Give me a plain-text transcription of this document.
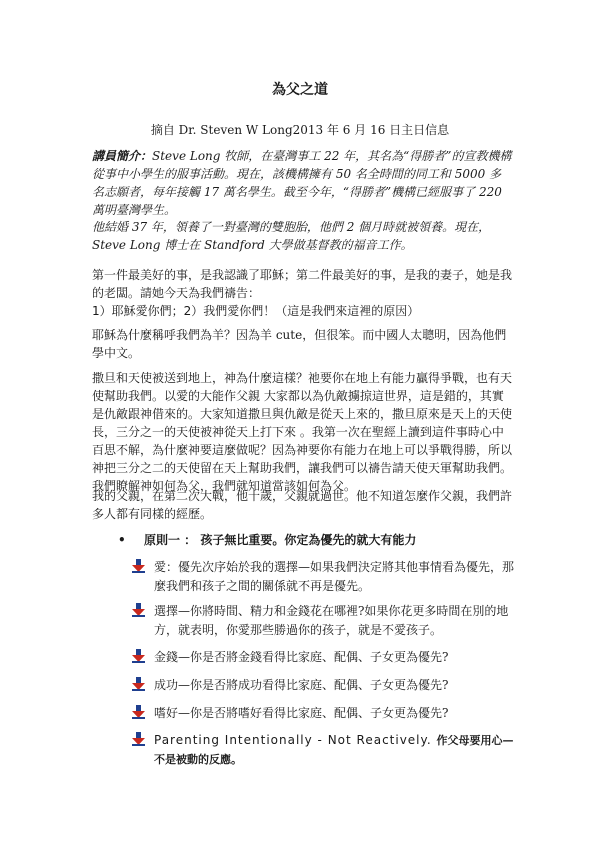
為父之道

摘自 Dr. Steven W Long2013 年 6 月 16 日主日信息

講員簡介：Steve Long 牧師，在臺灣事工 22 年，其名為“得勝者”的宣教機構從事中小學生的服事活動。現在，該機構擁有 50 名全時間的同工和 5000 多名志願者，每年接觸 17 萬名學生。截至今年，“得勝者”機構已經服事了 220 萬明臺灣學生。

他結婚 37 年，領養了一對臺灣的雙胞胎，他們 2 個月時就被領養。現在，Steve Long 博士在 Standford 大學做基督教的福音工作。

第一件最美好的事，是我認識了耶穌；第二件最美好的事，是我的妻子，她是我的老闆。請她今天為我們禱告：
1）耶穌愛你們；2）我們愛你們！（這是我們來這裡的原因）

耶穌為什麼稱呼我們為羊？因為羊 cute，但很笨。而中國人太聰明，因為他們學中文。

撒旦和天使被送到地上，神為什麼這樣？祂要你在地上有能力贏得爭戰，也有天使幫助我們。以愛的大能作父親 大家都以為仇敵擄掠這世界，這是錯的，其實是仇敵跟神借來的。大家知道撒旦與仇敵是從天上來的，撒旦原來是天上的天使長，三分之一的天使被神從天上打下來 。我第一次在聖經上讀到這件事時心中百思不解，為什麼神要這麼做呢？因為神要你有能力在地上可以爭戰得勝，所以神把三分之二的天使留在天上幫助我們，讓我們可以禱告請天使天軍幫助我們。我們瞭解神如何為父，我們就知道當該如何為父。

我的父親，在第二次大戰，他十歲，父親就過世。他不知道怎麼作父親，我們許多人都有同樣的經歷。

• 原則一 ： 孩子無比重要。你定為優先的就大有能力

愛：優先次序始於我的選擇—如果我們決定將其他事情看為優先，那麼我們和孩子之間的關係就不再是優先。
選擇—你將時間、精力和金錢花在哪裡?如果你花更多時間在別的地方，就表明，你愛那些勝過你的孩子，就是不愛孩子。
金錢—你是否將金錢看得比家庭、配偶、子女更為優先?
成功—你是否將成功看得比家庭、配偶、子女更為優先?
嗜好—你是否將嗜好看得比家庭、配偶、子女更為優先?
Parenting Intentionally - Not Reactively. 作父母要用心—不是被動的反應。
